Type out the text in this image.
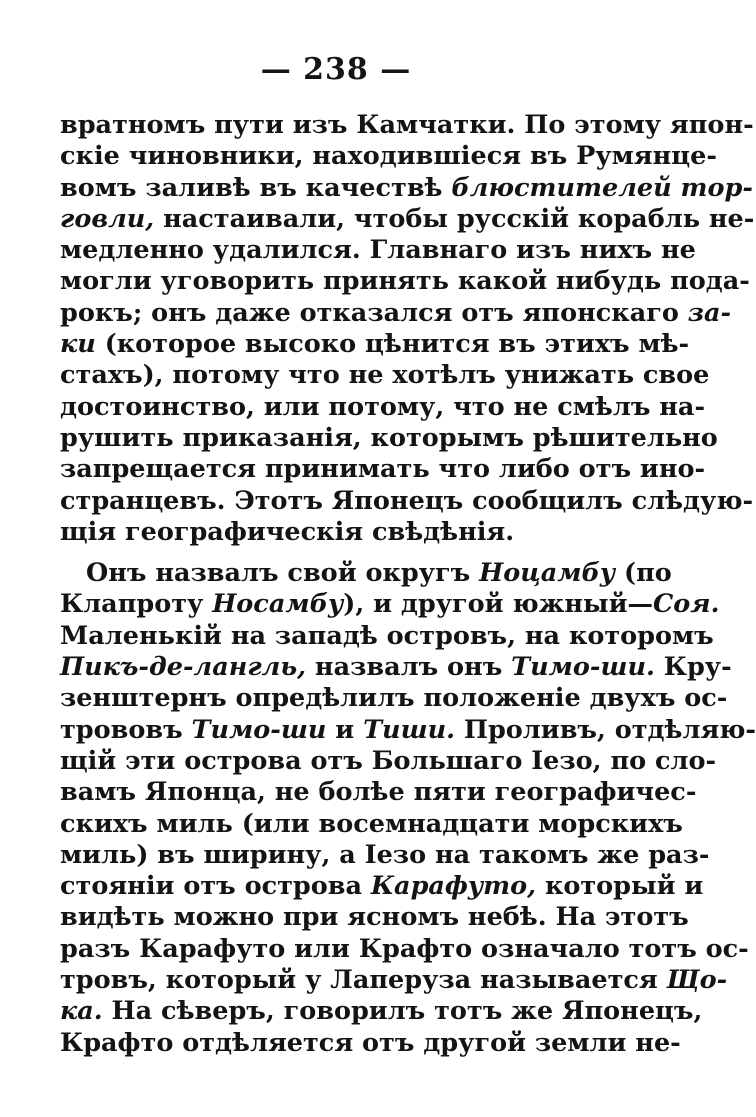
— 238 —
вратномъ пути изъ Камчатки. По этому япон-
скіе чиновники, находившіеся въ Румянце-
вомъ заливѣ въ качествѣ блюстителей тор-
говли, настаивали, чтобы русскій корабль не-
медленно удалился. Главнаго изъ нихъ не
могли уговорить принять какой нибудь пода-
рокъ; онъ даже отказался отъ японскаго за-
ки (которое высоко цѣнится въ этихъ мѣ-
стахъ), потому что не хотѣлъ унижать свое
достоинство, или потому, что не смѣлъ на-
рушить приказанія, которымъ рѣшительно
запрещается принимать что либо отъ ино-
странцевъ. Этотъ Японецъ сообщилъ слѣдую-
щія географическія свѣдѣнія.
Онъ назвалъ свой округъ Ноцамбу (по
Клапроту Носамбу), и другой южный—Соя.
Маленькій на западѣ островъ, на которомъ
Пикъ-де-лангль, назвалъ онъ Тимо-ши. Кру-
зенштернъ опредѣлилъ положеніе двухъ ос-
трововъ Тимо-ши и Тиши. Проливъ, отдѣляю-
щій эти острова отъ Большаго Іезо, по сло-
вамъ Японца, не болѣе пяти географичес-
скихъ миль (или восемнадцати морскихъ
миль) въ ширину, а Іезо на такомъ же раз-
стояніи отъ острова Карафуто, который и
видѣть можно при ясномъ небѣ. На этотъ
разъ Карафуто или Крафто означало тотъ ос-
тровъ, который у Лаперуза называется Що-
ка. На сѣверъ, говорилъ тотъ же Японецъ,
Крафто отдѣляется отъ другой земли не-
